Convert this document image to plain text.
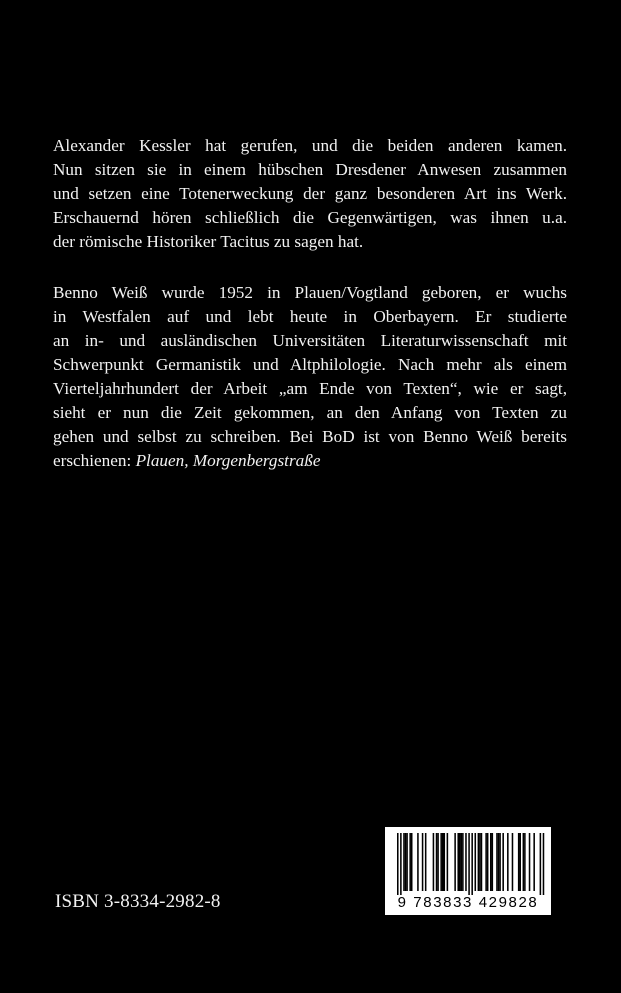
Alexander Kessler hat gerufen, und die beiden anderen kamen.
Nun sitzen sie in einem hübschen Dresdener Anwesen zusammen
und setzen eine Totenerweckung der ganz besonderen Art ins Werk.
Erschauernd hören schließlich die Gegenwärtigen, was ihnen u.a.
der römische Historiker Tacitus zu sagen hat.
Benno Weiß wurde 1952 in Plauen/Vogtland geboren, er wuchs
in Westfalen auf und lebt heute in Oberbayern. Er studierte
an in- und ausländischen Universitäten Literaturwissenschaft mit
Schwerpunkt Germanistik und Altphilologie. Nach mehr als einem
Vierteljahrhundert der Arbeit „am Ende von Texten“, wie er sagt,
sieht er nun die Zeit gekommen, an den Anfang von Texten zu
gehen und selbst zu schreiben. Bei BoD ist von Benno Weiß bereits
erschienen: Plauen, Morgenbergstraße
ISBN 3-8334-2982-8	9 783833 429828
